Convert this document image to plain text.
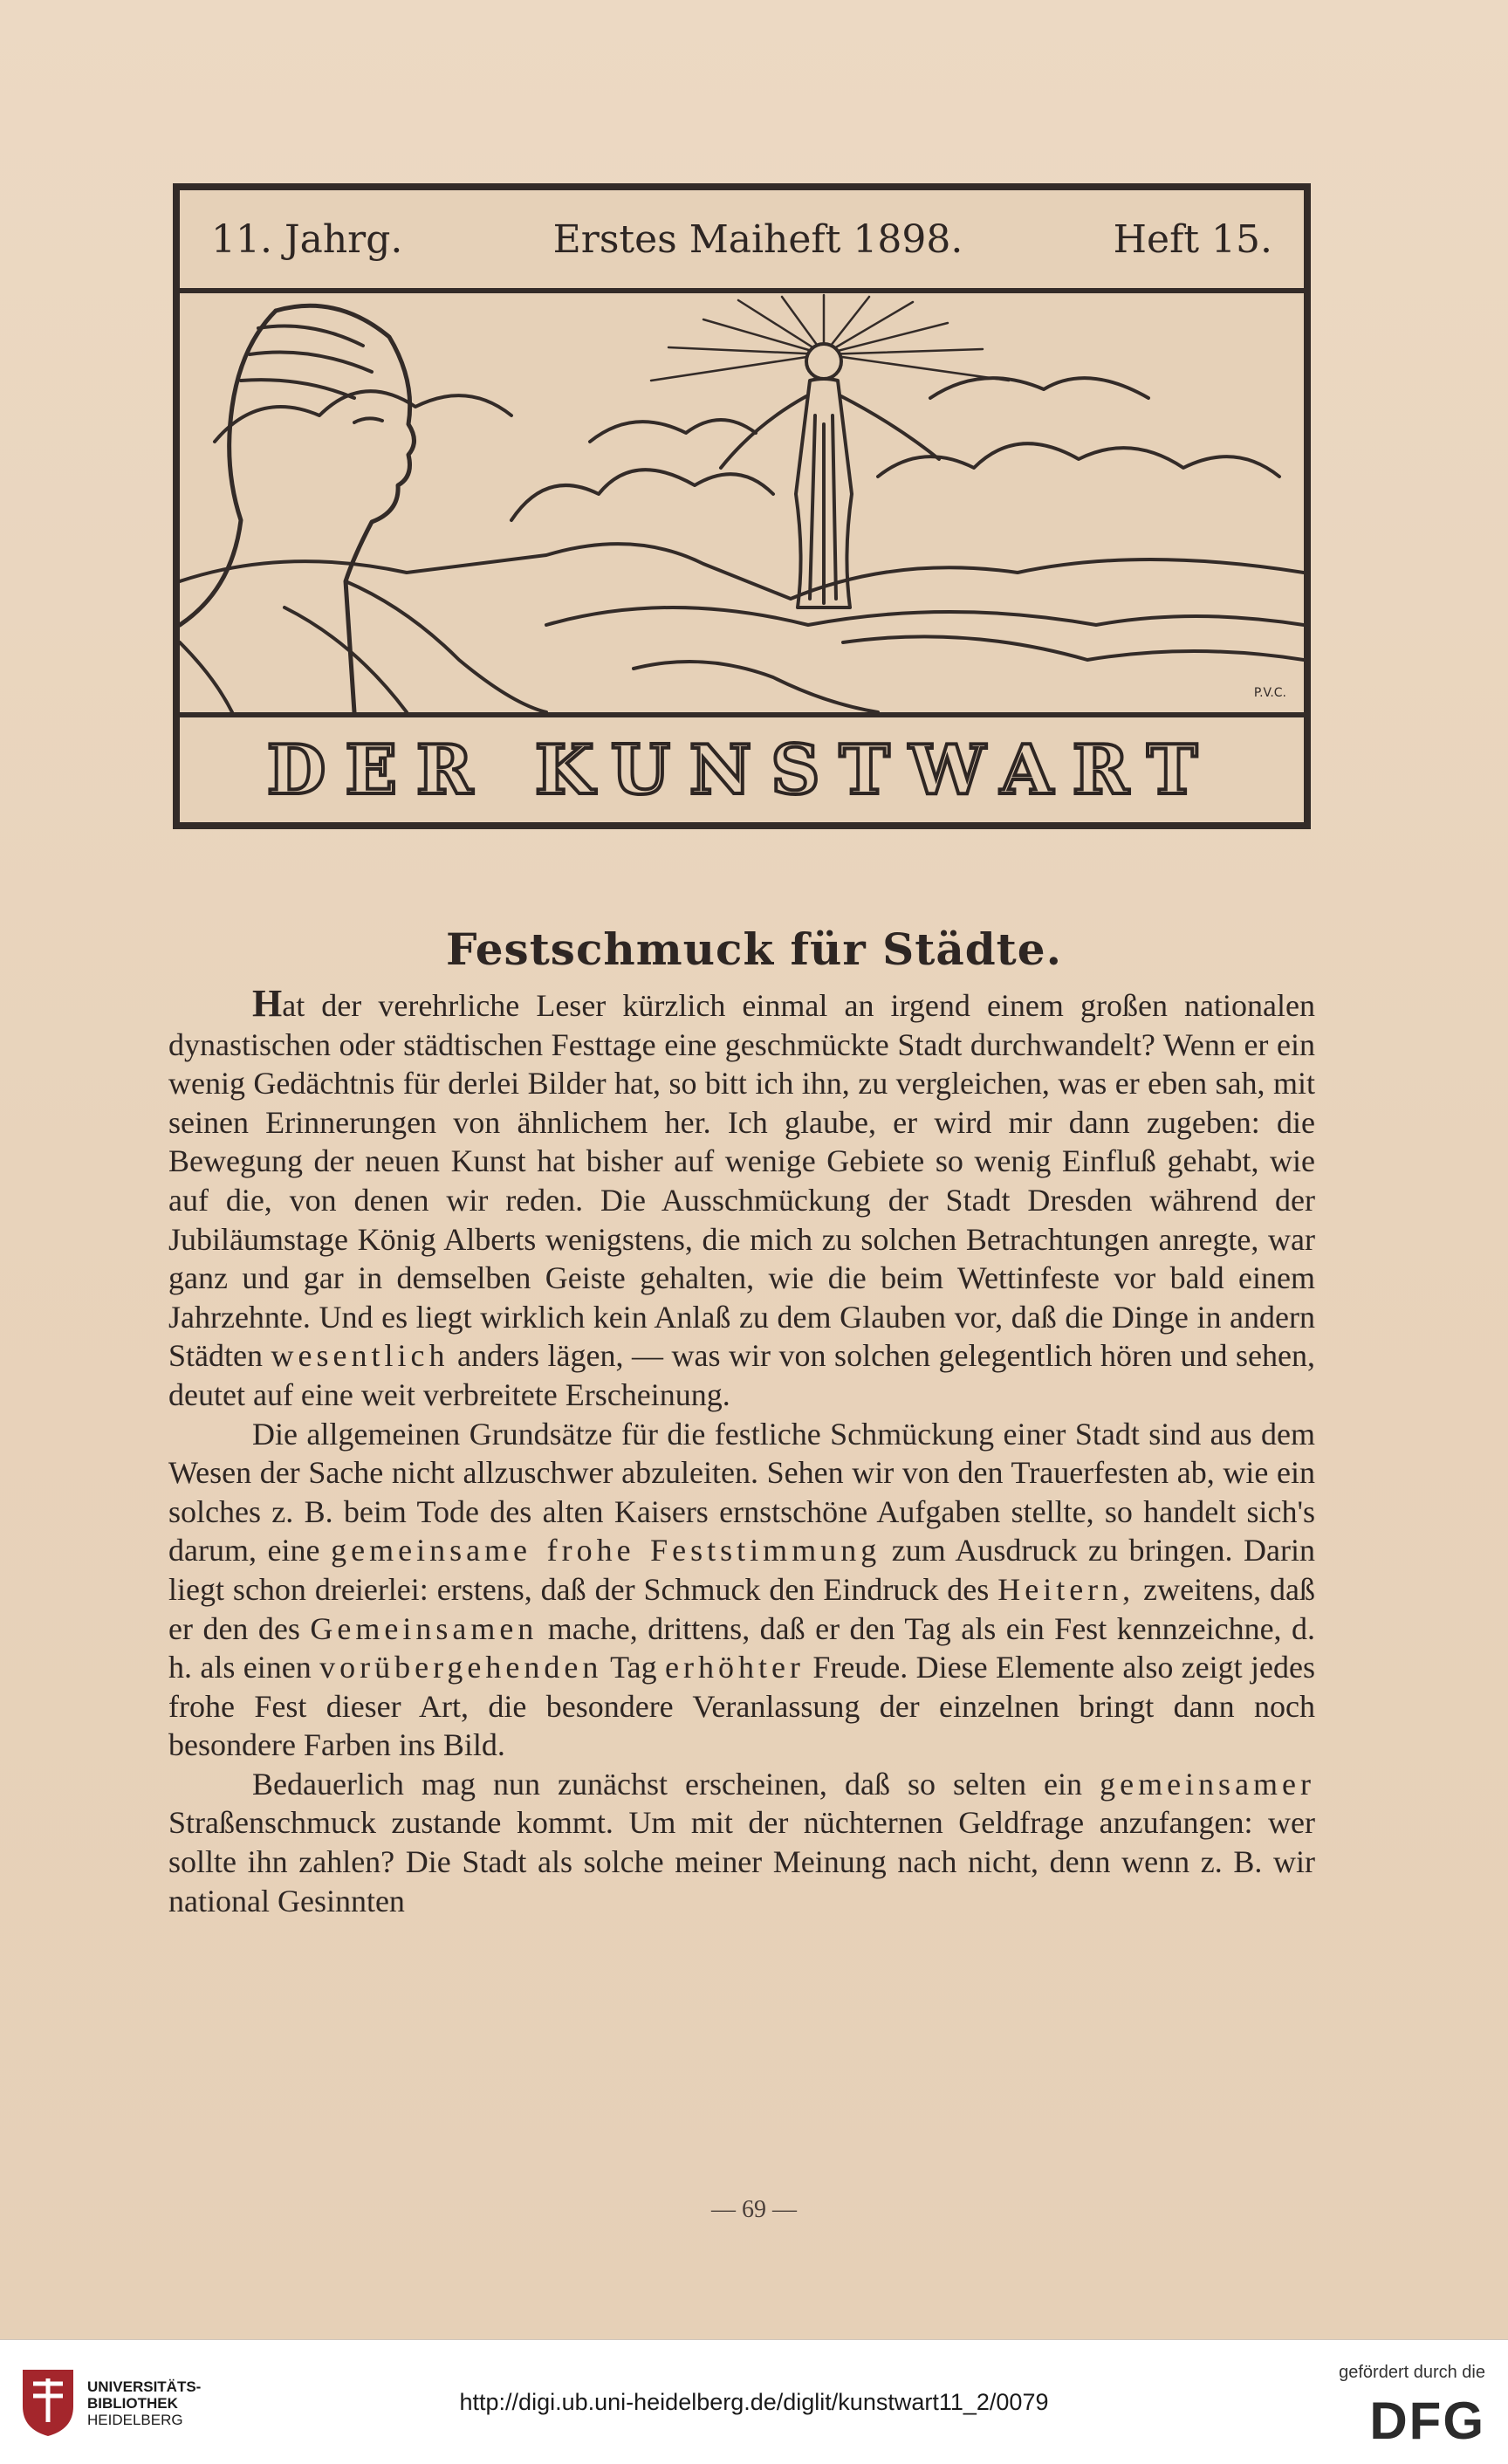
11. Jahrg.	Erstes Maiheft 1898.	Heft 15.
P.V.C.
DER KUNSTWART
Festschmuck für Städte.

Hat der verehrliche Leser kürzlich einmal an irgend einem großen nationalen dynastischen oder städtischen Festtage eine geschmückte Stadt durchwandelt? Wenn er ein wenig Gedächtnis für derlei Bilder hat, so bitt ich ihn, zu vergleichen, was er eben sah, mit seinen Erinnerungen von ähnlichem her. Ich glaube, er wird mir dann zugeben: die Bewegung der neuen Kunst hat bisher auf wenige Gebiete so wenig Einfluß gehabt, wie auf die, von denen wir reden. Die Ausschmückung der Stadt Dresden während der Jubiläumstage König Alberts wenigstens, die mich zu solchen Betrachtungen anregte, war ganz und gar in demselben Geiste gehalten, wie die beim Wettinfeste vor bald einem Jahrzehnte. Und es liegt wirklich kein Anlaß zu dem Glauben vor, daß die Dinge in andern Städten wesentlich anders lägen, — was wir von solchen gelegentlich hören und sehen, deutet auf eine weit verbreitete Erscheinung.

Die allgemeinen Grundsätze für die festliche Schmückung einer Stadt sind aus dem Wesen der Sache nicht allzuschwer abzuleiten. Sehen wir von den Trauerfesten ab, wie ein solches z. B. beim Tode des alten Kaisers ernstschöne Aufgaben stellte, so handelt sich's darum, eine gemeinsame frohe Feststimmung zum Ausdruck zu bringen. Darin liegt schon dreierlei: erstens, daß der Schmuck den Eindruck des Heitern, zweitens, daß er den des Gemeinsamen mache, drittens, daß er den Tag als ein Fest kennzeichne, d. h. als einen vorübergehenden Tag erhöhter Freude. Diese Elemente also zeigt jedes frohe Fest dieser Art, die besondere Veranlassung der einzelnen bringt dann noch besondere Farben ins Bild.

Bedauerlich mag nun zunächst erscheinen, daß so selten ein gemeinsamer Straßenschmuck zustande kommt. Um mit der nüchternen Geldfrage anzufangen: wer sollte ihn zahlen? Die Stadt als solche meiner Meinung nach nicht, denn wenn z. B. wir national Gesinnten

— 69 —
UNIVERSITÄTS-
BIBLIOTHEK
HEIDELBERG
http://digi.ub.uni-heidelberg.de/diglit/kunstwart11_2/0079
gefördert durch die
DFG
